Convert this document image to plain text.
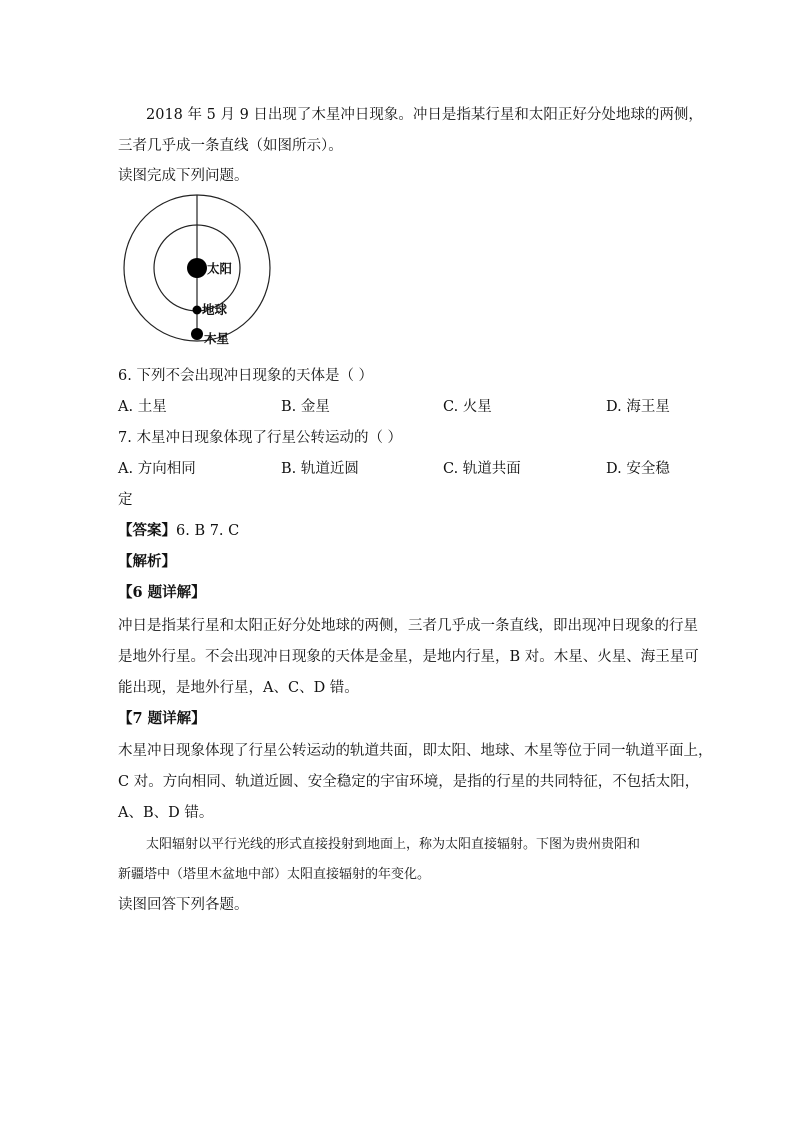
2018 年 5 月 9 日出现了木星冲日现象。冲日是指某行星和太阳正好分处地球的两侧，
三者几乎成一条直线（如图所示）。
读图完成下列问题。
太阳
地球
木星
6. 下列不会出现冲日现象的天体是（ ）
A. 土星	B. 金星	C. 火星	D. 海王星
7. 木星冲日现象体现了行星公转运动的（ ）
A. 方向相同	B. 轨道近圆	C. 轨道共面	D. 安全稳
定
【答案】6. B 7. C
【解析】
【6 题详解】
冲日是指某行星和太阳正好分处地球的两侧，三者几乎成一条直线，即出现冲日现象的行星
是地外行星。不会出现冲日现象的天体是金星，是地内行星，B 对。木星、火星、海王星可
能出现，是地外行星，A、C、D 错。
【7 题详解】
木星冲日现象体现了行星公转运动的轨道共面，即太阳、地球、木星等位于同一轨道平面上，
C 对。方向相同、轨道近圆、安全稳定的宇宙环境，是指的行星的共同特征，不包括太阳，
A、B、D 错。
太阳辐射以平行光线的形式直接投射到地面上，称为太阳直接辐射。下图为贵州贵阳和
新疆塔中（塔里木盆地中部）太阳直接辐射的年变化。
读图回答下列各题。
